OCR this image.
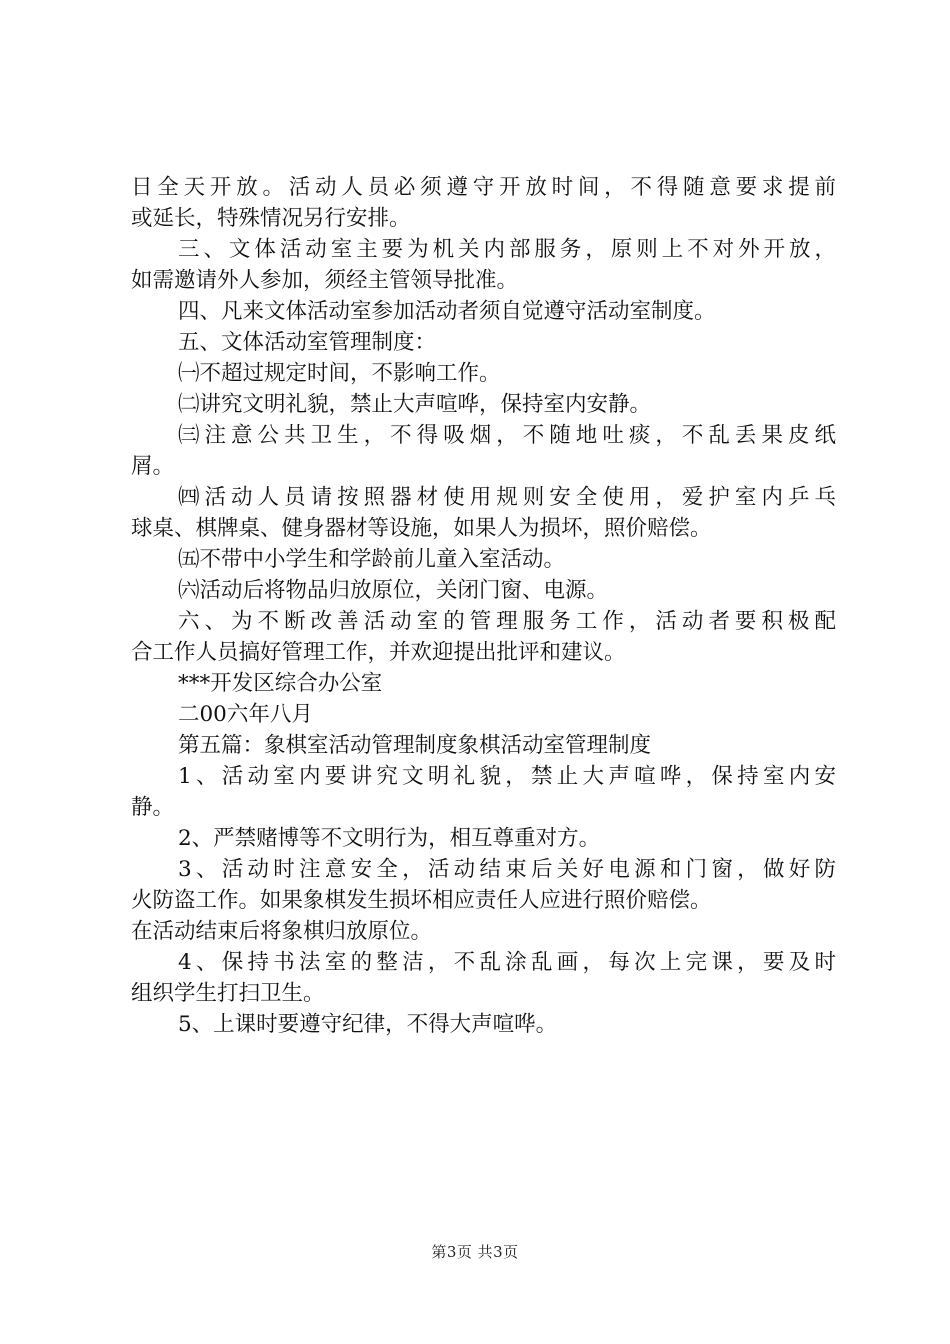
日全天开放。活动人员必须遵守开放时间，不得随意要求提前
或延长，特殊情况另行安排。
三、文体活动室主要为机关内部服务，原则上不对外开放，
如需邀请外人参加，须经主管领导批准。
四、凡来文体活动室参加活动者须自觉遵守活动室制度。
五、文体活动室管理制度：
㈠不超过规定时间，不影响工作。
㈡讲究文明礼貌，禁止大声喧哗，保持室内安静。
㈢注意公共卫生，不得吸烟，不随地吐痰，不乱丢果皮纸
屑。
㈣活动人员请按照器材使用规则安全使用，爱护室内乒乓
球桌、棋牌桌、健身器材等设施，如果人为损坏，照价赔偿。
㈤不带中小学生和学龄前儿童入室活动。
㈥活动后将物品归放原位，关闭门窗、电源。
六、为不断改善活动室的管理服务工作，活动者要积极配
合工作人员搞好管理工作，并欢迎提出批评和建议。
***开发区综合办公室
二00六年八月
第五篇：象棋室活动管理制度象棋活动室管理制度
1、活动室内要讲究文明礼貌，禁止大声喧哗，保持室内安
静。
2、严禁赌博等不文明行为，相互尊重对方。
3、活动时注意安全，活动结束后关好电源和门窗，做好防
火防盗工作。如果象棋发生损坏相应责任人应进行照价赔偿。
在活动结束后将象棋归放原位。
4、保持书法室的整洁，不乱涂乱画，每次上完课，要及时
组织学生打扫卫生。
5、上课时要遵守纪律，不得大声喧哗。
第3页 共3页
